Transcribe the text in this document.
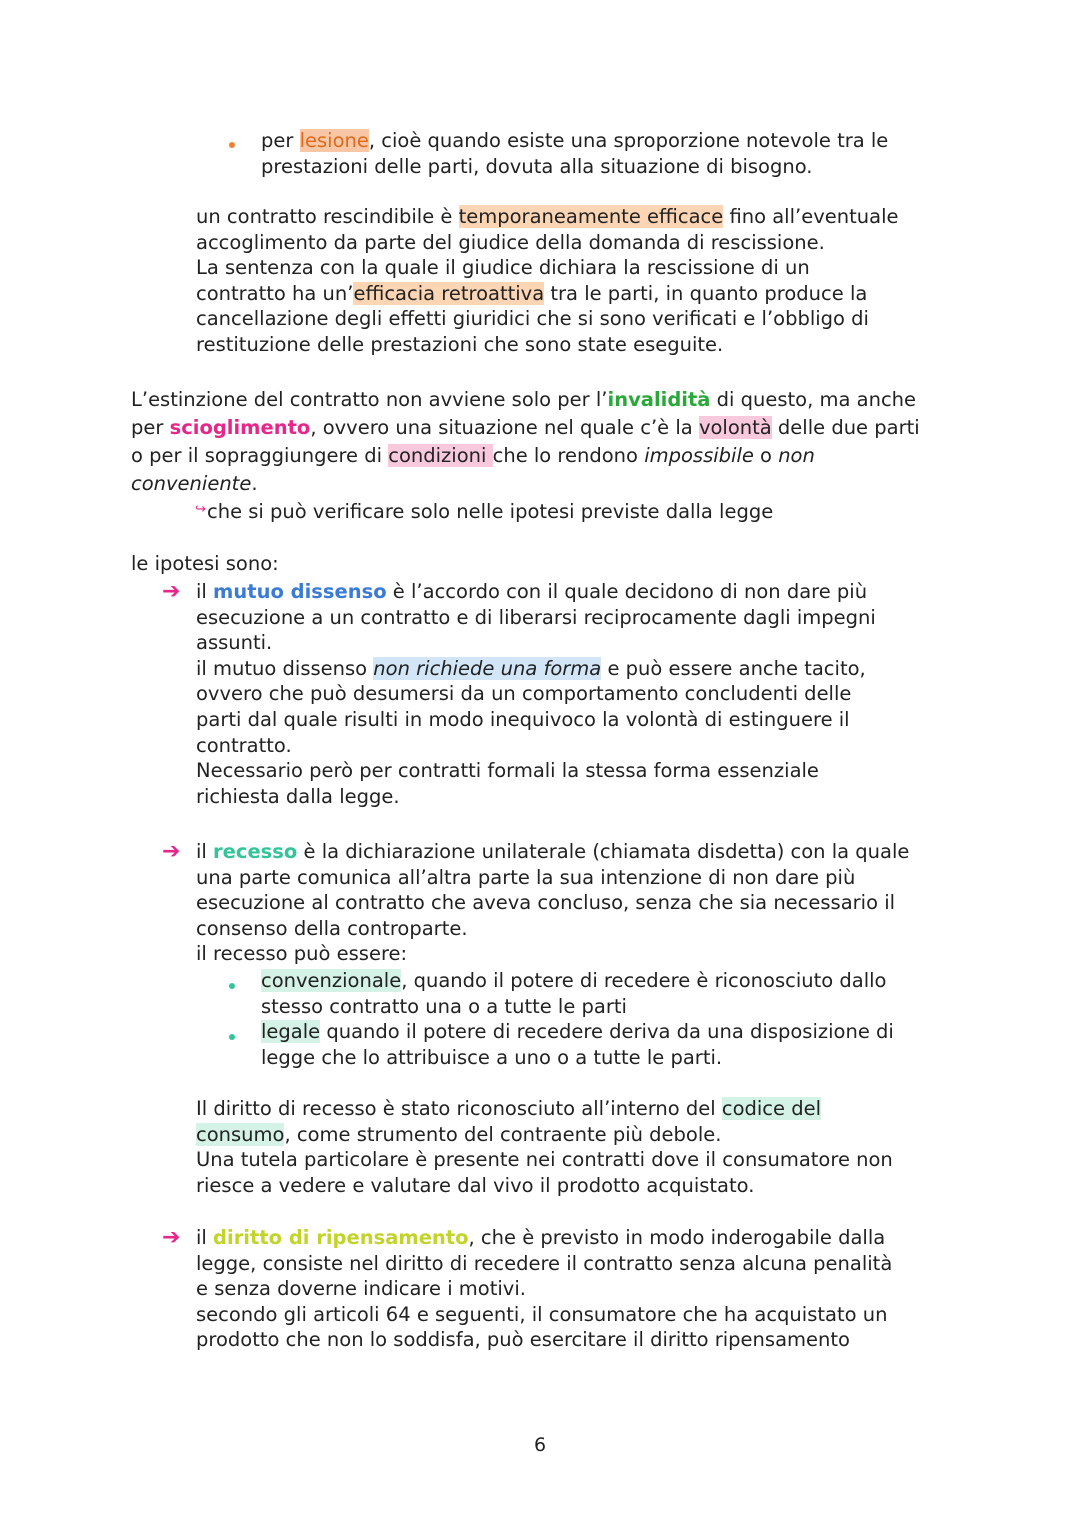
per lesione, cioè quando esiste una sproporzione notevole tra le

prestazioni delle parti, dovuta alla situazione di bisogno.

un contratto rescindibile è temporaneamente efficace fino all’eventuale

accoglimento da parte del giudice della domanda di rescissione.

La sentenza con la quale il giudice dichiara la rescissione di un

contratto ha un’efficacia retroattiva tra le parti, in quanto produce la

cancellazione degli effetti giuridici che si sono verificati e l’obbligo di

restituzione delle prestazioni che sono state eseguite.

L’estinzione del contratto non avviene solo per l’invalidità di questo, ma anche

per scioglimento, ovvero una situazione nel quale c’è la volontà delle due parti

o per il sopraggiungere di condizioni che lo rendono impossibile o non

conveniente.

↪ che si può verificare solo nelle ipotesi previste dalla legge

le ipotesi sono:

➔ il mutuo dissenso è l’accordo con il quale decidono di non dare più

esecuzione a un contratto e di liberarsi reciprocamente dagli impegni

assunti.

il mutuo dissenso non richiede una forma e può essere anche tacito,

ovvero che può desumersi da un comportamento concludenti delle

parti dal quale risulti in modo inequivoco la volontà di estinguere il

contratto.

Necessario però per contratti formali la stessa forma essenziale

richiesta dalla legge.

➔ il recesso è la dichiarazione unilaterale (chiamata disdetta) con la quale

una parte comunica all’altra parte la sua intenzione di non dare più

esecuzione al contratto che aveva concluso, senza che sia necessario il

consenso della controparte.

il recesso può essere:

convenzionale, quando il potere di recedere è riconosciuto dallo

stesso contratto una o a tutte le parti

legale quando il potere di recedere deriva da una disposizione di

legge che lo attribuisce a uno o a tutte le parti.

Il diritto di recesso è stato riconosciuto all’interno del codice del

consumo, come strumento del contraente più debole.

Una tutela particolare è presente nei contratti dove il consumatore non

riesce a vedere e valutare dal vivo il prodotto acquistato.

➔ il diritto di ripensamento, che è previsto in modo inderogabile dalla

legge, consiste nel diritto di recedere il contratto senza alcuna penalità

e senza doverne indicare i motivi.

secondo gli articoli 64 e seguenti, il consumatore che ha acquistato un

prodotto che non lo soddisfa, può esercitare il diritto ripensamento

6
